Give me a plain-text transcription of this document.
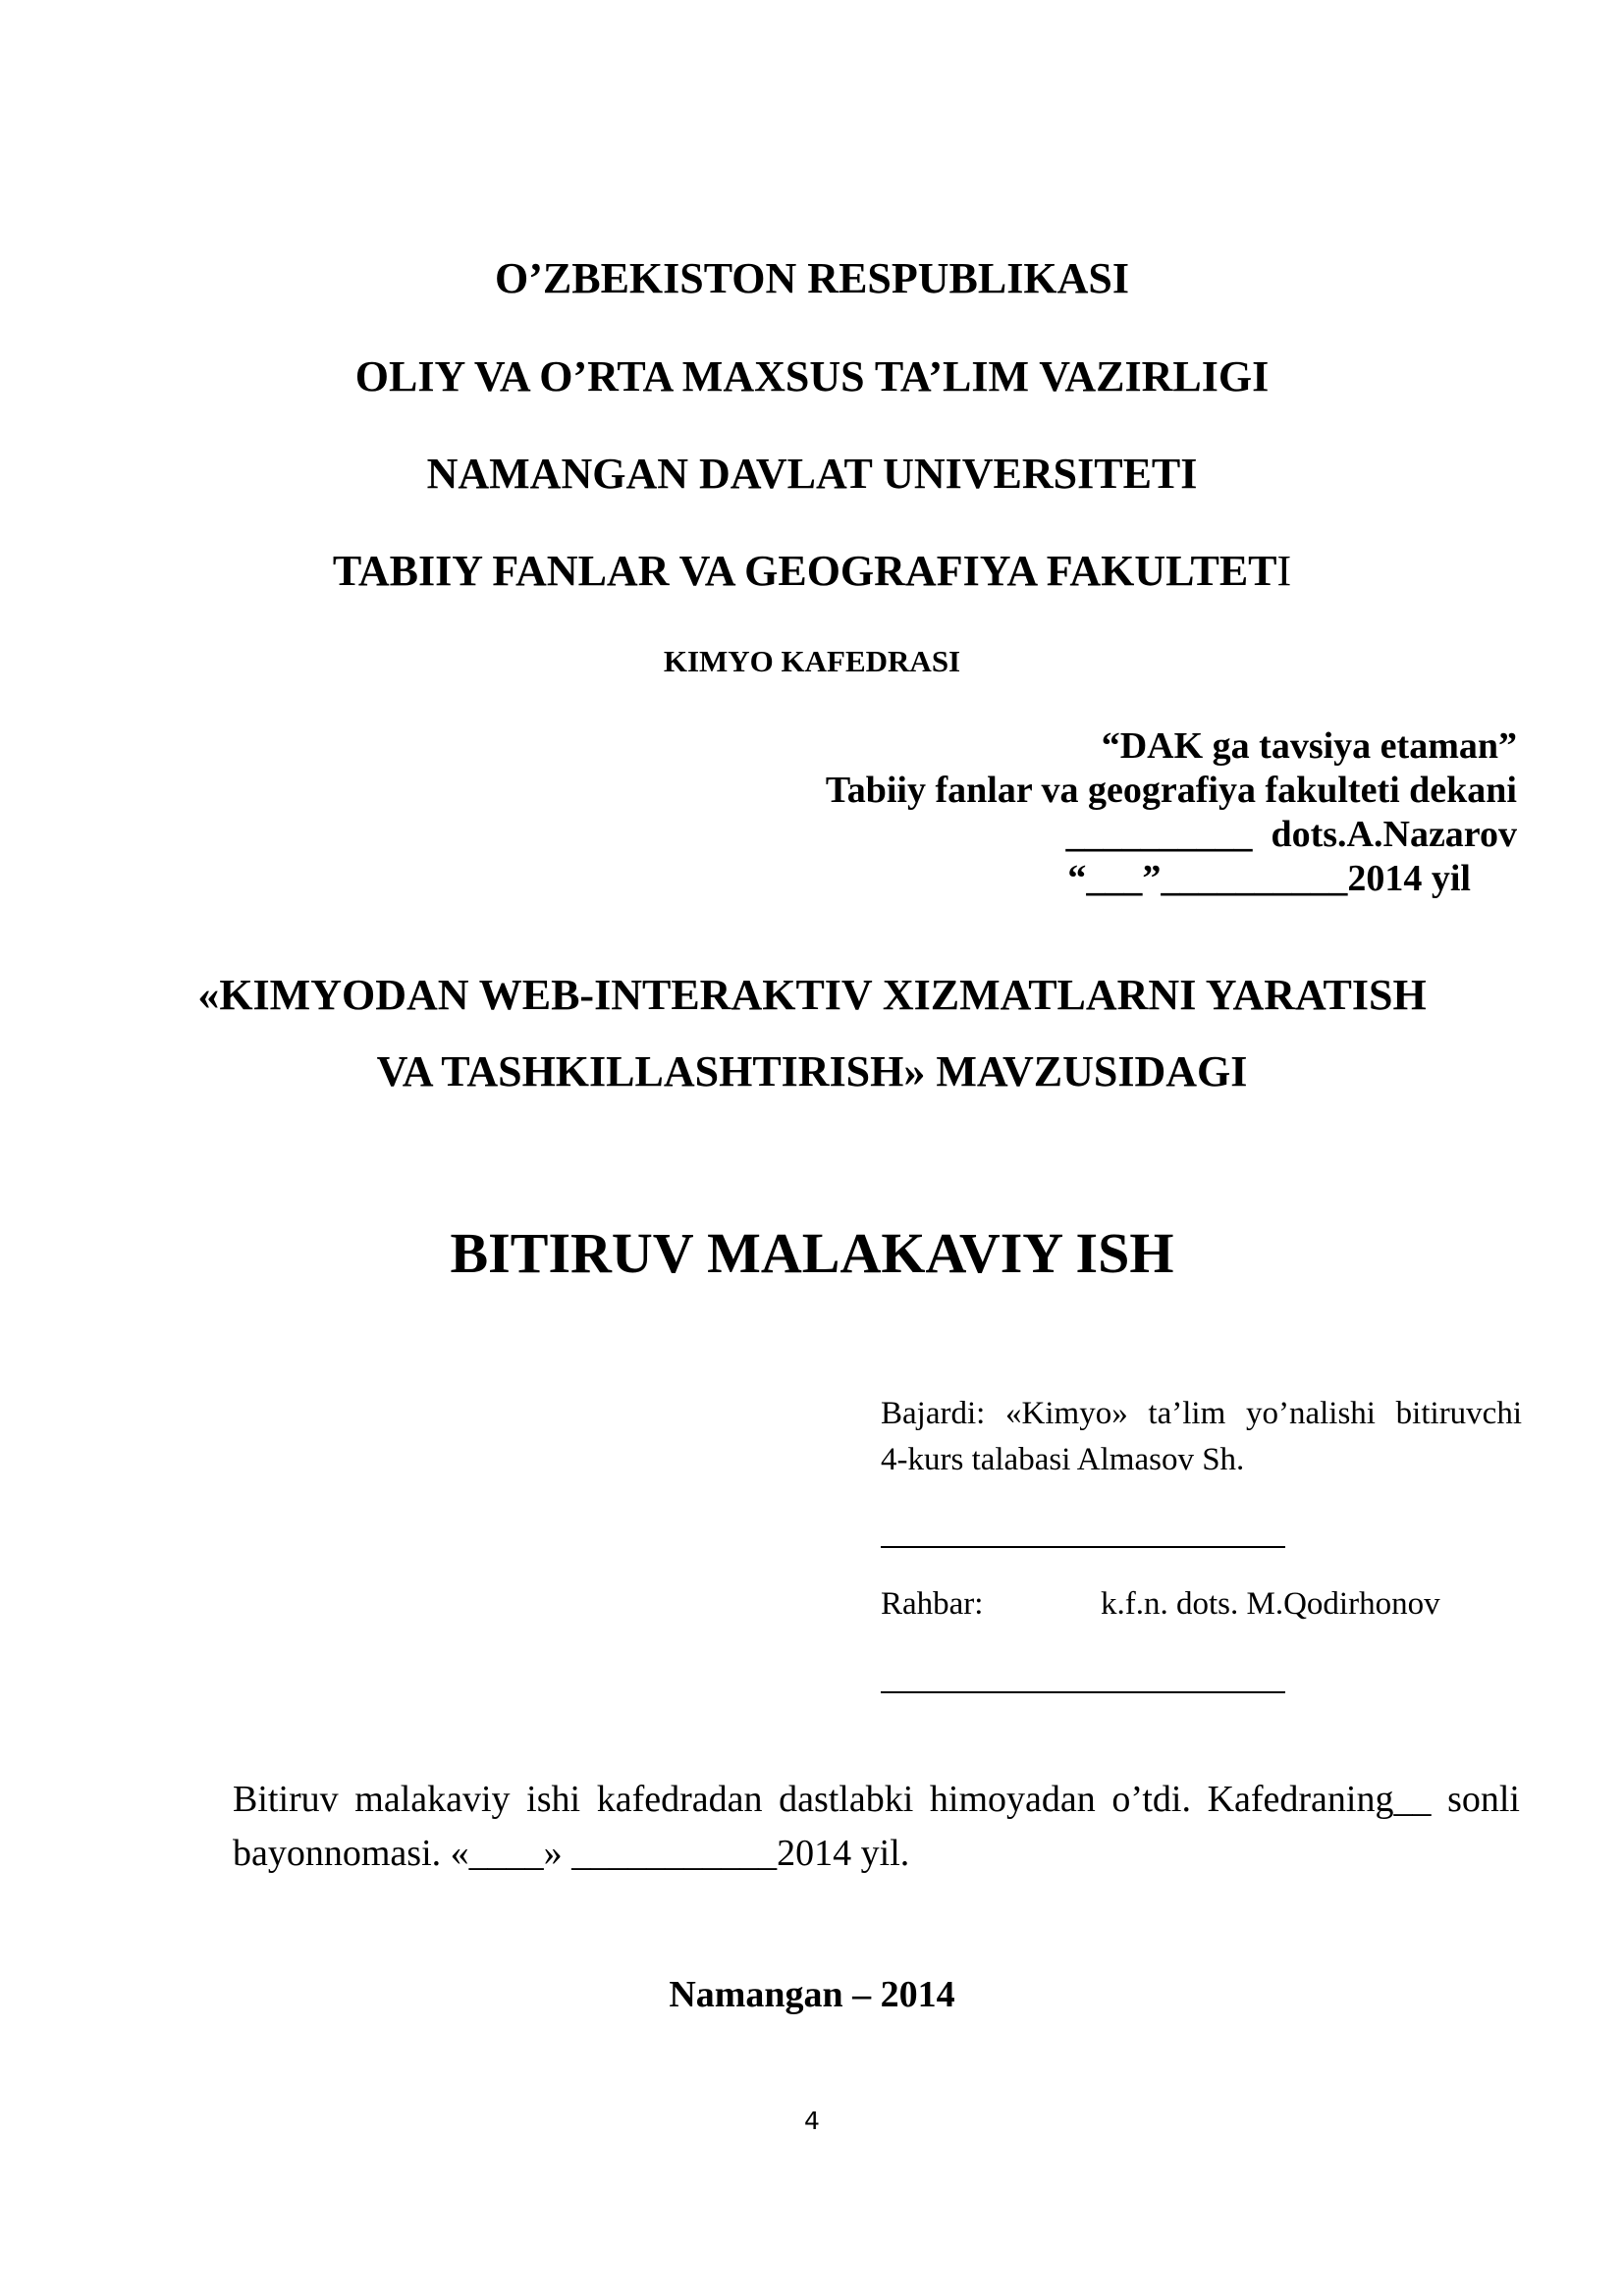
O’ZBEKISTON RESPUBLIKASI
OLIY VA O’RTA MAXSUS TA’LIM VAZIRLIGI
NAMANGAN DAVLAT UNIVERSITETI
TABIIY FANLAR VA GEOGRAFIYA FAKULTETI
KIMYO KAFEDRASI
“DAK ga tavsiya etaman”
Tabiiy fanlar va geografiya fakulteti dekani
__________  dots.A.Nazarov
“___”__________2014 yil
«KIMYODAN WEB-INTERAKTIV XIZMATLARNI YARATISH
VA TASHKILLASHTIRISH» MAVZUSIDAGI
BITIRUV MALAKAVIY ISH
Bajardi: «Kimyo» ta’lim yo’nalishi bitiruvchi
4-kurs talabasi Almasov Sh.
Rahbar:	k.f.n. dots. M.Qodirhonov
Bitiruv malakaviy ishi kafedradan dastlabki himoyadan o’tdi. Kafedraning__ sonli
bayonnomasi. «____» ___________2014 yil.
Namangan – 2014
4
